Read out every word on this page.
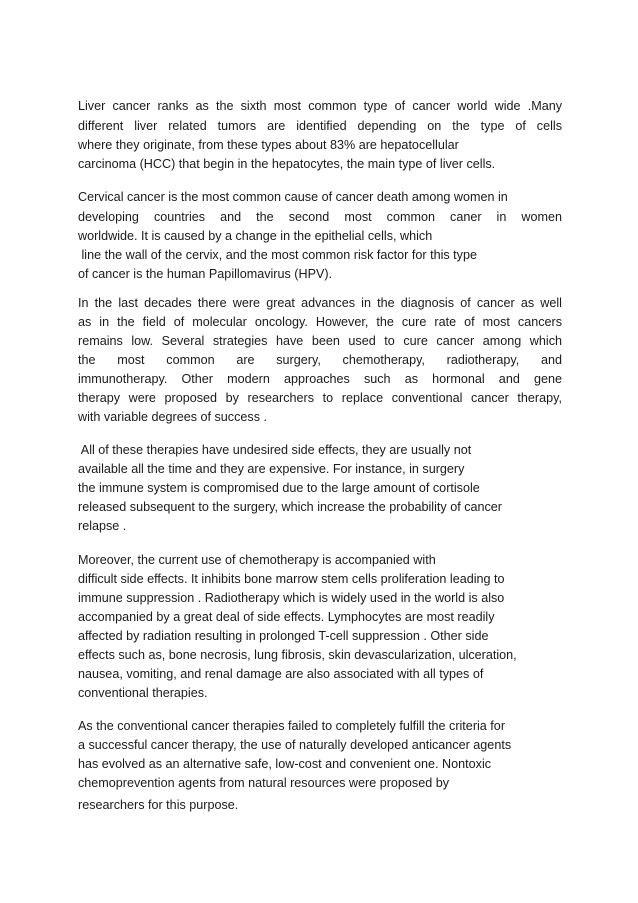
Liver cancer ranks as the sixth most common type of cancer world wide .Many
different liver related tumors are identified depending on the type of cells
where they originate, from these types about 83% are hepatocellular
carcinoma (HCC) that begin in the hepatocytes, the main type of liver cells.
Cervical cancer is the most common cause of cancer death among women in
developing countries and the second most common caner in women
worldwide. It is caused by a change in the epithelial cells, which
line the wall of the cervix, and the most common risk factor for this type
of cancer is the human Papillomavirus (HPV).
In the last decades there were great advances in the diagnosis of cancer as well
as in the field of molecular oncology. However, the cure rate of most cancers
remains low. Several strategies have been used to cure cancer among which
the most common are surgery, chemotherapy, radiotherapy, and
immunotherapy. Other modern approaches such as hormonal and gene
therapy were proposed by researchers to replace conventional cancer therapy,
with variable degrees of success .
All of these therapies have undesired side effects, they are usually not
available all the time and they are expensive. For instance, in surgery
the immune system is compromised due to the large amount of cortisole
released subsequent to the surgery, which increase the probability of cancer
relapse .
Moreover, the current use of chemotherapy is accompanied with
difficult side effects. It inhibits bone marrow stem cells proliferation leading to
immune suppression . Radiotherapy which is widely used in the world is also
accompanied by a great deal of side effects. Lymphocytes are most readily
affected by radiation resulting in prolonged T-cell suppression . Other side
effects such as, bone necrosis, lung fibrosis, skin devascularization, ulceration,
nausea, vomiting, and renal damage are also associated with all types of
conventional therapies.
As the conventional cancer therapies failed to completely fulfill the criteria for
a successful cancer therapy, the use of naturally developed anticancer agents
has evolved as an alternative safe, low-cost and convenient one. Nontoxic
chemoprevention agents from natural resources were proposed by
researchers for this purpose.
